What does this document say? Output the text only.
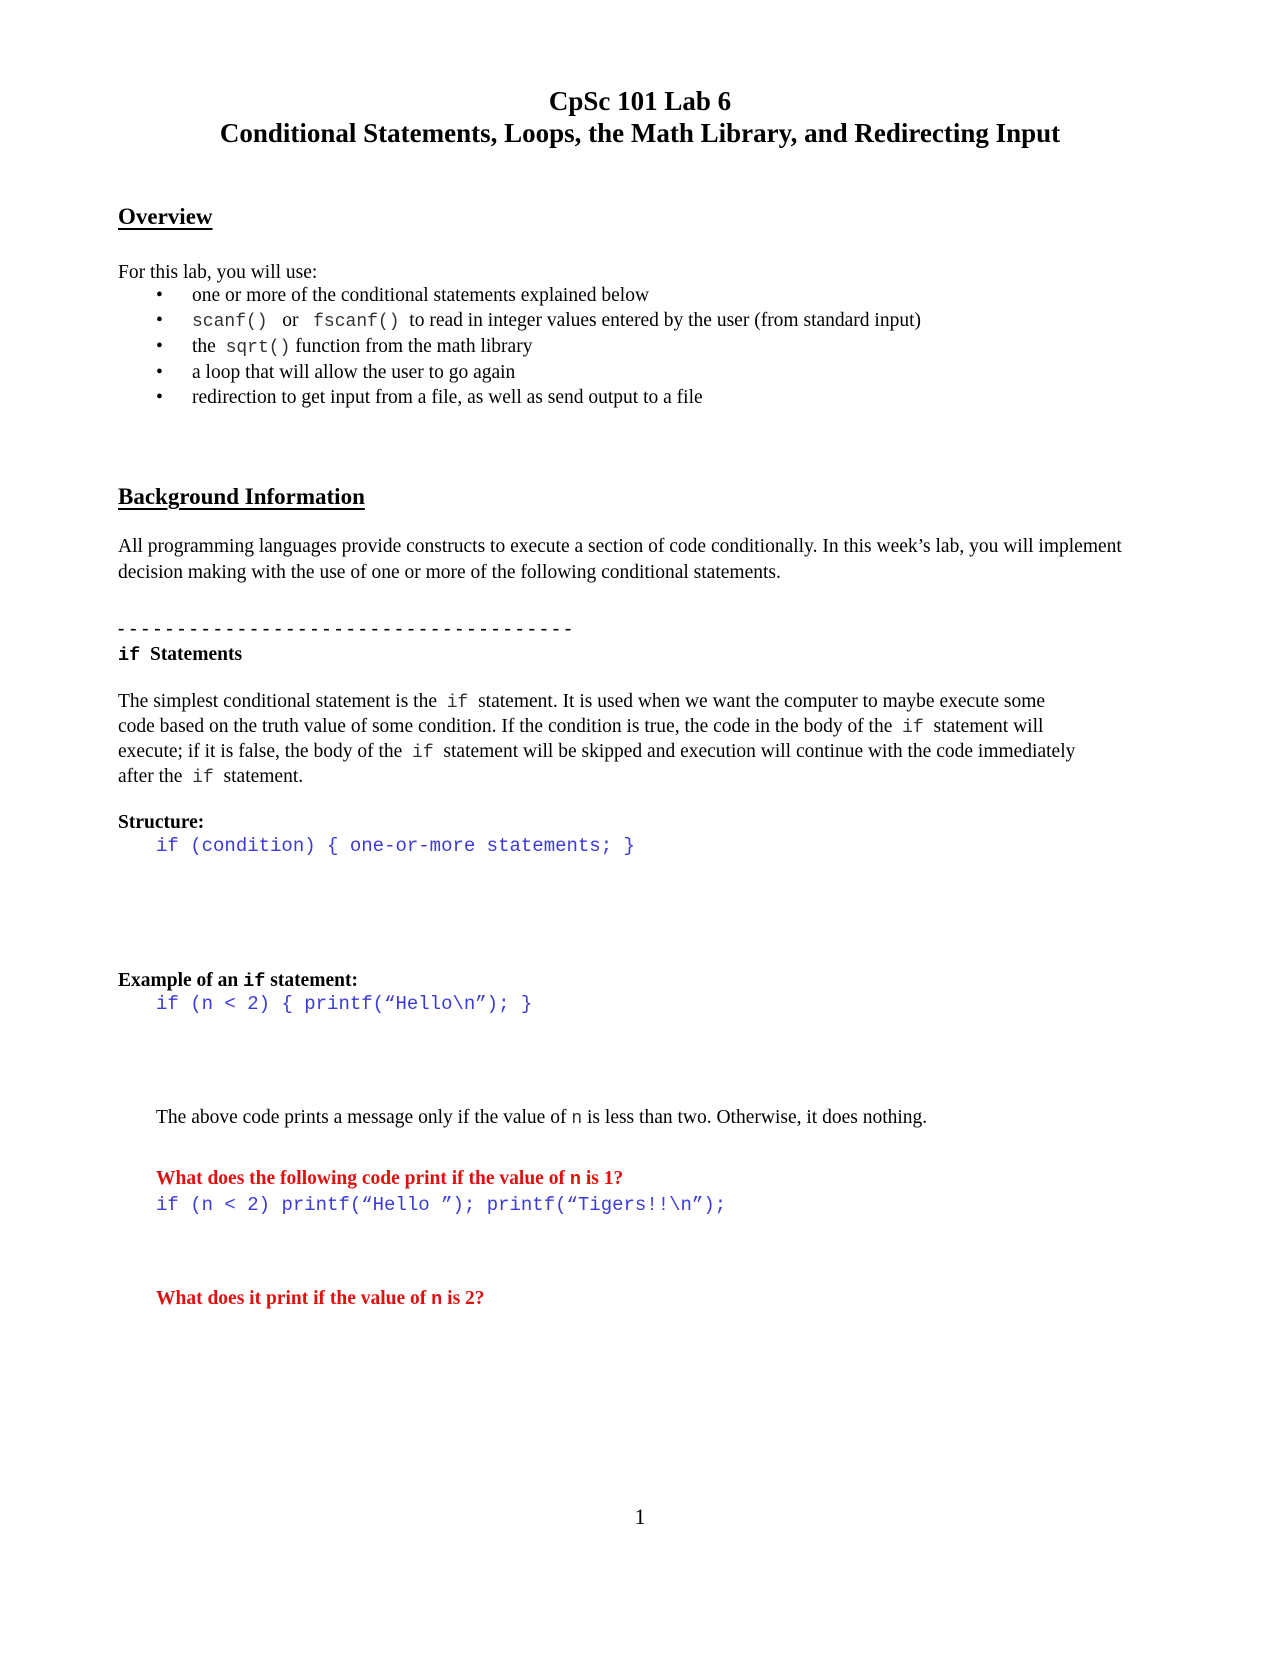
CpSc 101 Lab 6
Conditional Statements, Loops, the Math Library, and Redirecting Input
Overview
For this lab, you will use:
• one or more of the conditional statements explained below
• scanf() or fscanf() to read in integer values entered by the user (from standard input)
• the sqrt() function from the math library
• a loop that will allow the user to go again
• redirection to get input from a file, as well as send output to a file
Background Information
All programming languages provide constructs to execute a section of code conditionally. In this week’s lab, you will implement decision making with the use of one or more of the following conditional statements.
- - - - - - - - - - - - - - - - - - - - - - - - - - - - - - - - - - - - - -
if Statements
The simplest conditional statement is the if statement. It is used when we want the computer to maybe execute some
code based on the truth value of some condition. If the condition is true, the code in the body of the if statement will
execute; if it is false, the body of the if statement will be skipped and execution will continue with the code immediately
after the if statement.
Structure:
if (condition) { one-or-more statements; }
Example of an if statement:
if (n < 2) { printf(“Hello\n”); }
The above code prints a message only if the value of n is less than two. Otherwise, it does nothing.
What does the following code print if the value of n is 1?
if (n < 2) printf(“Hello ”); printf(“Tigers!!\n”);
What does it print if the value of n is 2?
1
